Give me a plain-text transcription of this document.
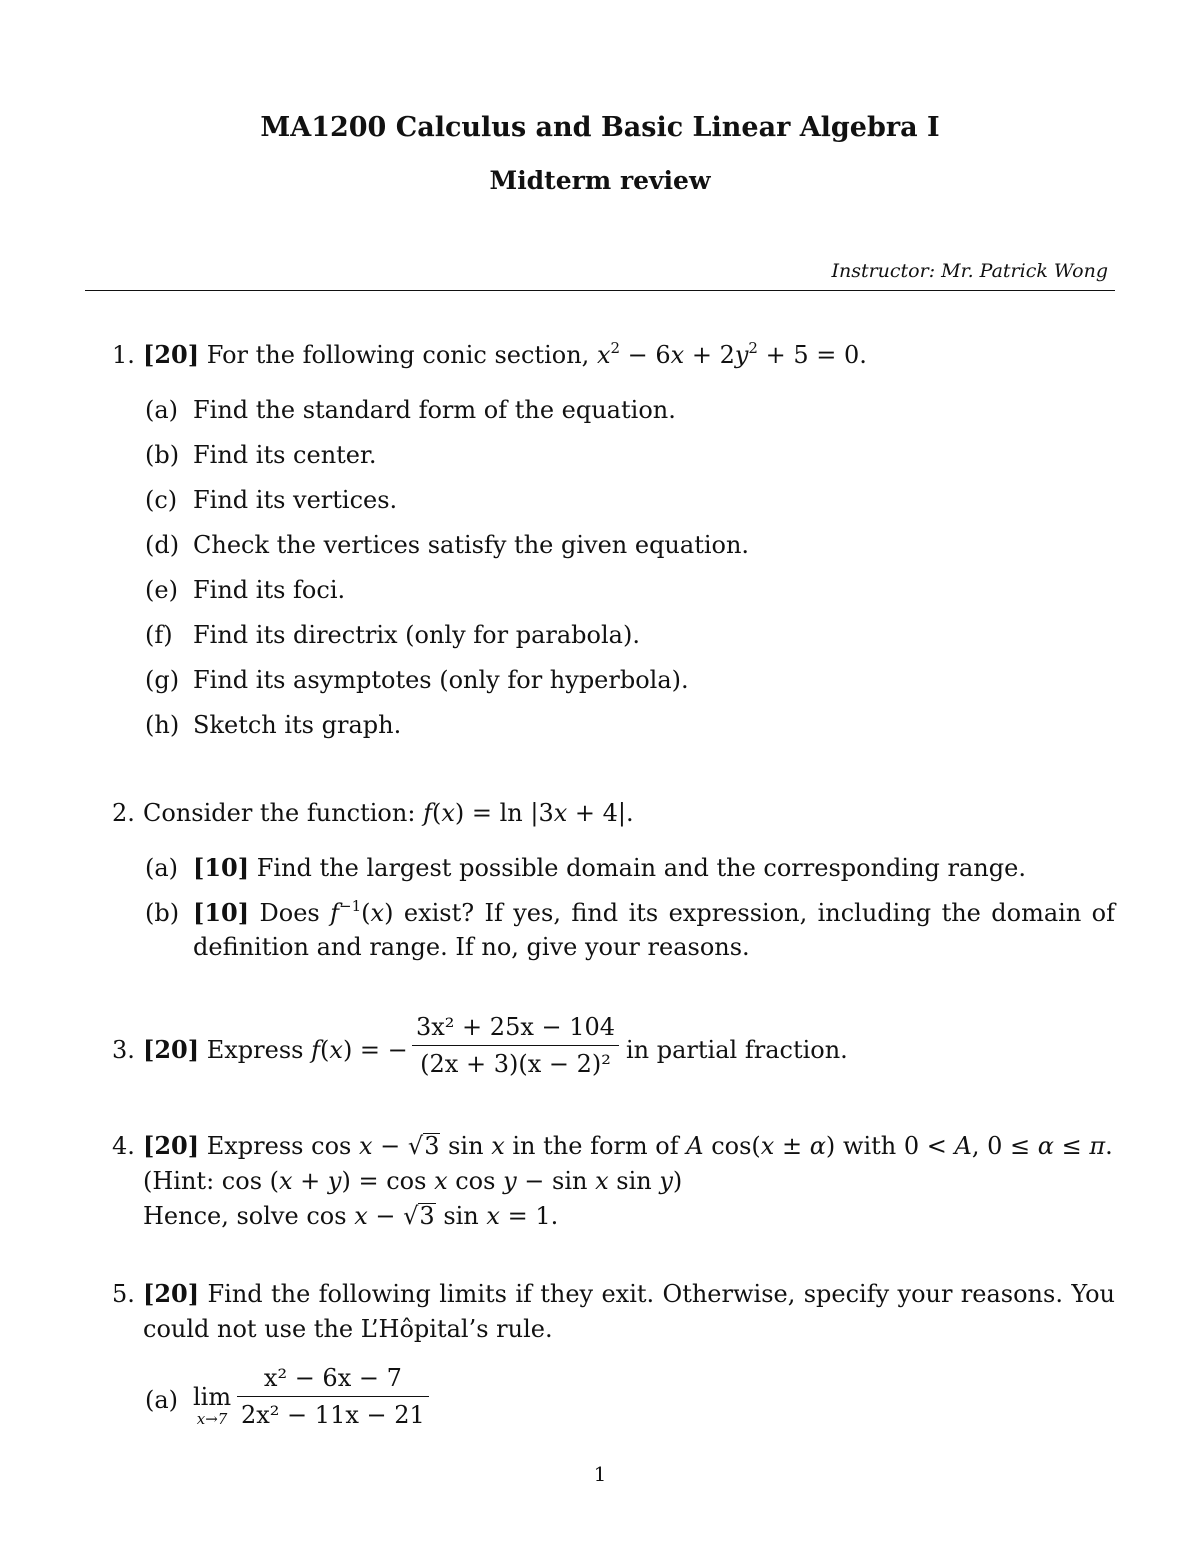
MA1200 Calculus and Basic Linear Algebra I
Midterm review
Instructor: Mr. Patrick Wong
1. [20] For the following conic section, $x^2 - 6x + 2y^2 + 5 = 0$.
(a) Find the standard form of the equation.
(b) Find its center.
(c) Find its vertices.
(d) Check the vertices satisfy the given equation.
(e) Find its foci.
(f) Find its directrix (only for parabola).
(g) Find its asymptotes (only for hyperbola).
(h) Sketch its graph.
2. Consider the function: f(x) = ln |3x + 4|.
(a) [10] Find the largest possible domain and the corresponding range.
(b) [10] Does $f^{-1}(x)$ exist? If yes, find its expression, including the domain of
definition and range. If no, give your reasons.
3. [20] Express f(x) = − $\frac{\text{3x² + 25x − 104}}{\text{(2x + 3)(x − 2)²}}$ in partial fraction.
4. [20] Express cos x − √3 sin x in the form of A cos(x ± α) with 0 < A, 0 ≤ α ≤ π.
(Hint: cos (x + y) = cos x cos y − sin x sin y)
Hence, solve cos x − √3 sin x = 1.
5. [20] Find the following limits if they exit. Otherwise, specify your reasons. You
could not use the L’Hôpital’s rule.
(a) lim
$x\to 7 \frac{\text{x² − 6x − 7}}{\text{2x² − 11x − 21}}$
1
